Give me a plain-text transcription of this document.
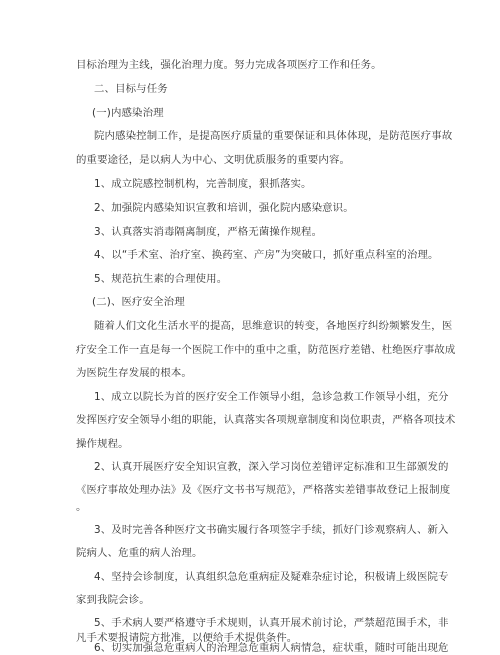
目标治理为主线，强化治理力度。努力完成各项医疗工作和任务。
二、目标与任务
(一)内感染治理
院内感染控制工作，是提高医疗质量的重要保证和具体体现，是防范医疗事故
的重要途径，是以病人为中心、文明优质服务的重要内容。
1、成立院感控制机构，完善制度，狠抓落实。
2、加强院内感染知识宣教和培训，强化院内感染意识。
3、认真落实消毒隔离制度，严格无菌操作规程。
4、以“手术室、治疗室、换药室、产房”为突破口，抓好重点科室的治理。
5、规范抗生素的合理使用。
(二)、医疗安全治理
随着人们文化生活水平的提高，思维意识的转变，各地医疗纠纷频繁发生，医
疗安全工作一直是每一个医院工作中的重中之重，防范医疗差错、杜绝医疗事故成
为医院生存发展的根本。
1、成立以院长为首的医疗安全工作领导小组，急诊急救工作领导小组，充分
发挥医疗安全领导小组的职能，认真落实各项规章制度和岗位职责，严格各项技术
操作规程。
2、认真开展医疗安全知识宣教，深入学习岗位差错评定标准和卫生部颁发的
《医疗事故处理办法》及《医疗文书书写规范》，严格落实差错事故登记上报制度
。
3、及时完善各种医疗文书确实履行各项签字手续，抓好门诊观察病人、新入
院病人、危重的病人治理。
4、坚持会诊制度，认真组织急危重病症及疑难杂症讨论，积极请上级医院专
家到我院会诊。
5、手术病人要严格遵守手术规则，认真开展术前讨论，严禁超范围手术，非
凡手术要报请院方批准，以便给手术提供条件。
6、切实加强急危重病人的治理急危重病人病情急，症状重，随时可能出现危
